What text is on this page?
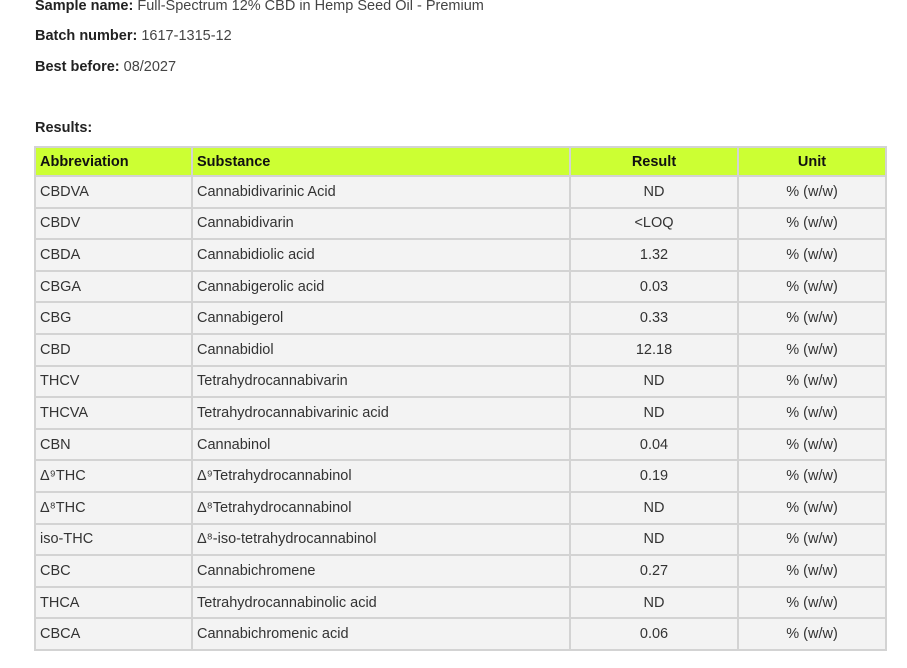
Sample name: Full-Spectrum 12% CBD in Hemp Seed Oil - Premium
Batch number: 1617-1315-12
Best before: 08/2027
Results:
Abbreviation	Substance	Result	Unit
CBDVA	Cannabidivarinic Acid	ND	% (w/w)
CBDV	Cannabidivarin	<LOQ	% (w/w)
CBDA	Cannabidiolic acid	1.32	% (w/w)
CBGA	Cannabigerolic acid	0.03	% (w/w)
CBG	Cannabigerol	0.33	% (w/w)
CBD	Cannabidiol	12.18	% (w/w)
THCV	Tetrahydrocannabivarin	ND	% (w/w)
THCVA	Tetrahydrocannabivarinic acid	ND	% (w/w)
CBN	Cannabinol	0.04	% (w/w)
Δ⁹THC	Δ⁹Tetrahydrocannabinol	0.19	% (w/w)
Δ⁸THC	Δ⁸Tetrahydrocannabinol	ND	% (w/w)
iso-THC	Δ⁸-iso-tetrahydrocannabinol	ND	% (w/w)
CBC	Cannabichromene	0.27	% (w/w)
THCA	Tetrahydrocannabinolic acid	ND	% (w/w)
CBCA	Cannabichromenic acid	0.06	% (w/w)
